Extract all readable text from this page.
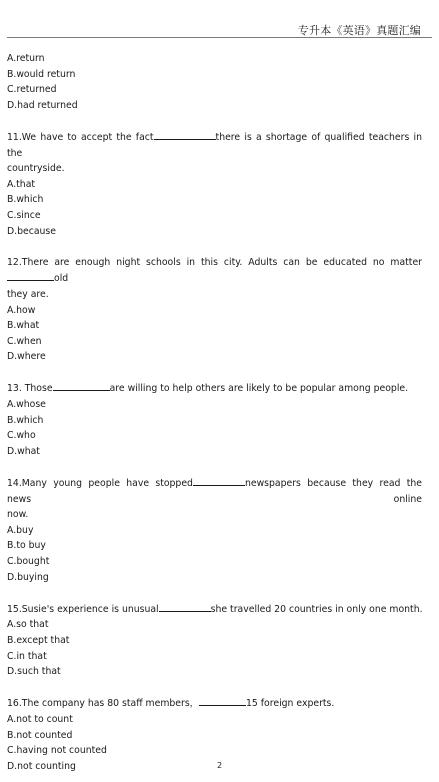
专升本《英语》真题汇编
A.return
B.would return
C.returned
D.had returned
11.We have to accept the fact	there is a shortage of qualified teachers in the
countryside.
A.that
B.which
C.since
D.because
12.There are enough night schools in this city. Adults can be educated no matterold
they are.
A.how
B.what
C.when
D.where
13. Those	are willing to help others are likely to be popular among people.
A.whose
B.which
C.who
D.what
14.Many young people have stopped	newspapers because they read the news online
now.
A.buy
B.to buy
C.bought
D.buying
15.Susie's experience is unusual	she travelled 20 countries in only one month.
A.so that
B.except that
C.in that
D.such that
16.The company has 80 staff members，	15 foreign experts.
A.not to count
B.not counted
C.having not counted
D.not counting	2
